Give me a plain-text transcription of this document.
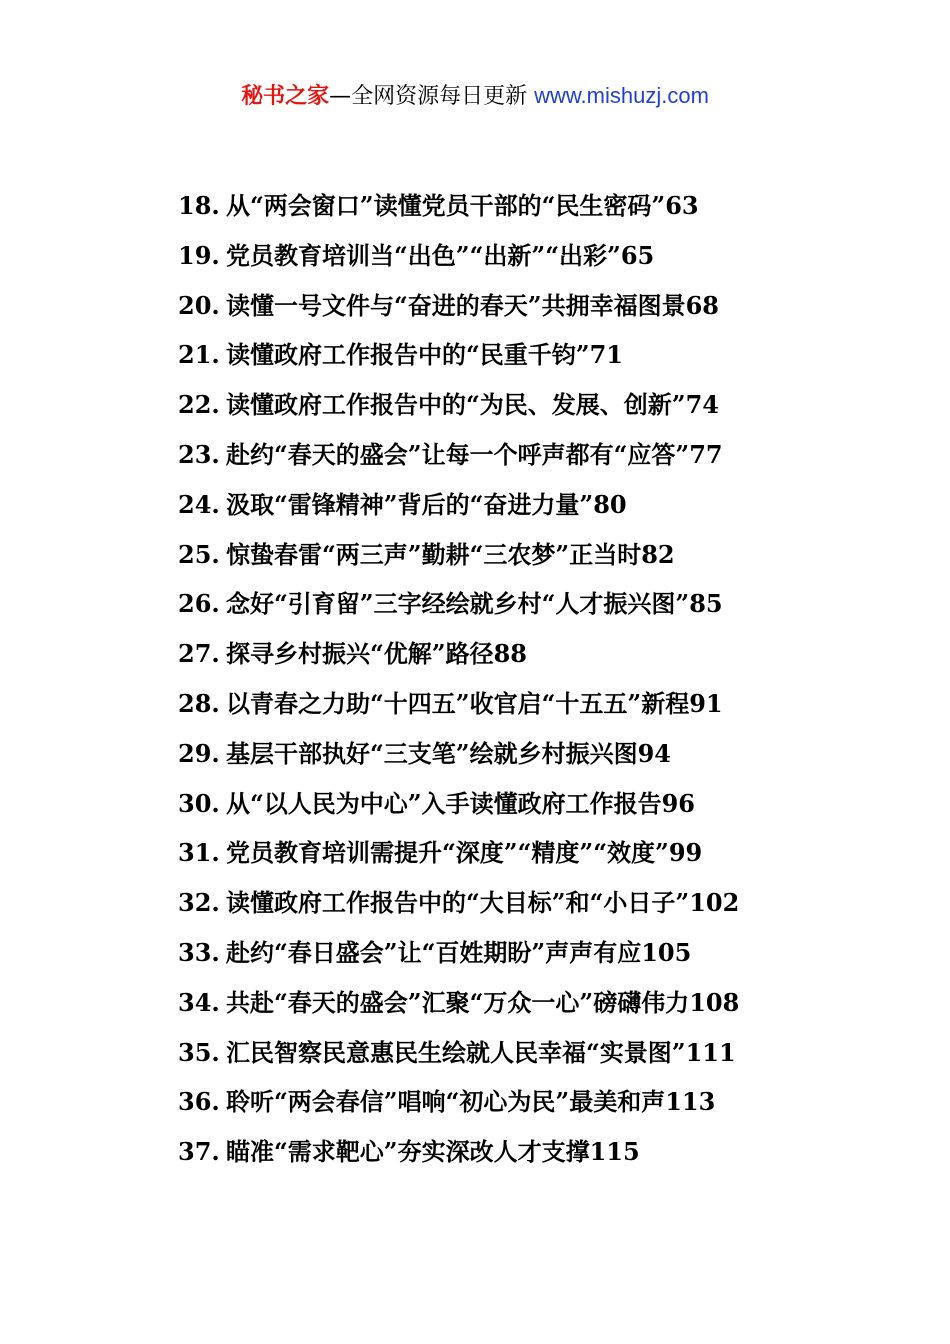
秘书之家—全网资源每日更新 www.mishuzj.com
18. 从“两会窗口”读懂党员干部的“民生密码”63
19. 党员教育培训当“出色”“出新”“出彩”65
20. 读懂一号文件与“奋进的春天”共拥幸福图景68
21. 读懂政府工作报告中的“民重千钧”71
22. 读懂政府工作报告中的“为民、发展、创新”74
23. 赴约“春天的盛会”让每一个呼声都有“应答”77
24. 汲取“雷锋精神”背后的“奋进力量”80
25. 惊蛰春雷“两三声”勤耕“三农梦”正当时82
26. 念好“引育留”三字经绘就乡村“人才振兴图”85
27. 探寻乡村振兴“优解”路径88
28. 以青春之力助“十四五”收官启“十五五”新程91
29. 基层干部执好“三支笔”绘就乡村振兴图94
30. 从“以人民为中心”入手读懂政府工作报告96
31. 党员教育培训需提升“深度”“精度”“效度”99
32. 读懂政府工作报告中的“大目标”和“小日子”102
33. 赴约“春日盛会”让“百姓期盼”声声有应105
34. 共赴“春天的盛会”汇聚“万众一心”磅礴伟力108
35. 汇民智察民意惠民生绘就人民幸福“实景图”111
36. 聆听“两会春信”唱响“初心为民”最美和声113
37. 瞄准“需求靶心”夯实深改人才支撑115
